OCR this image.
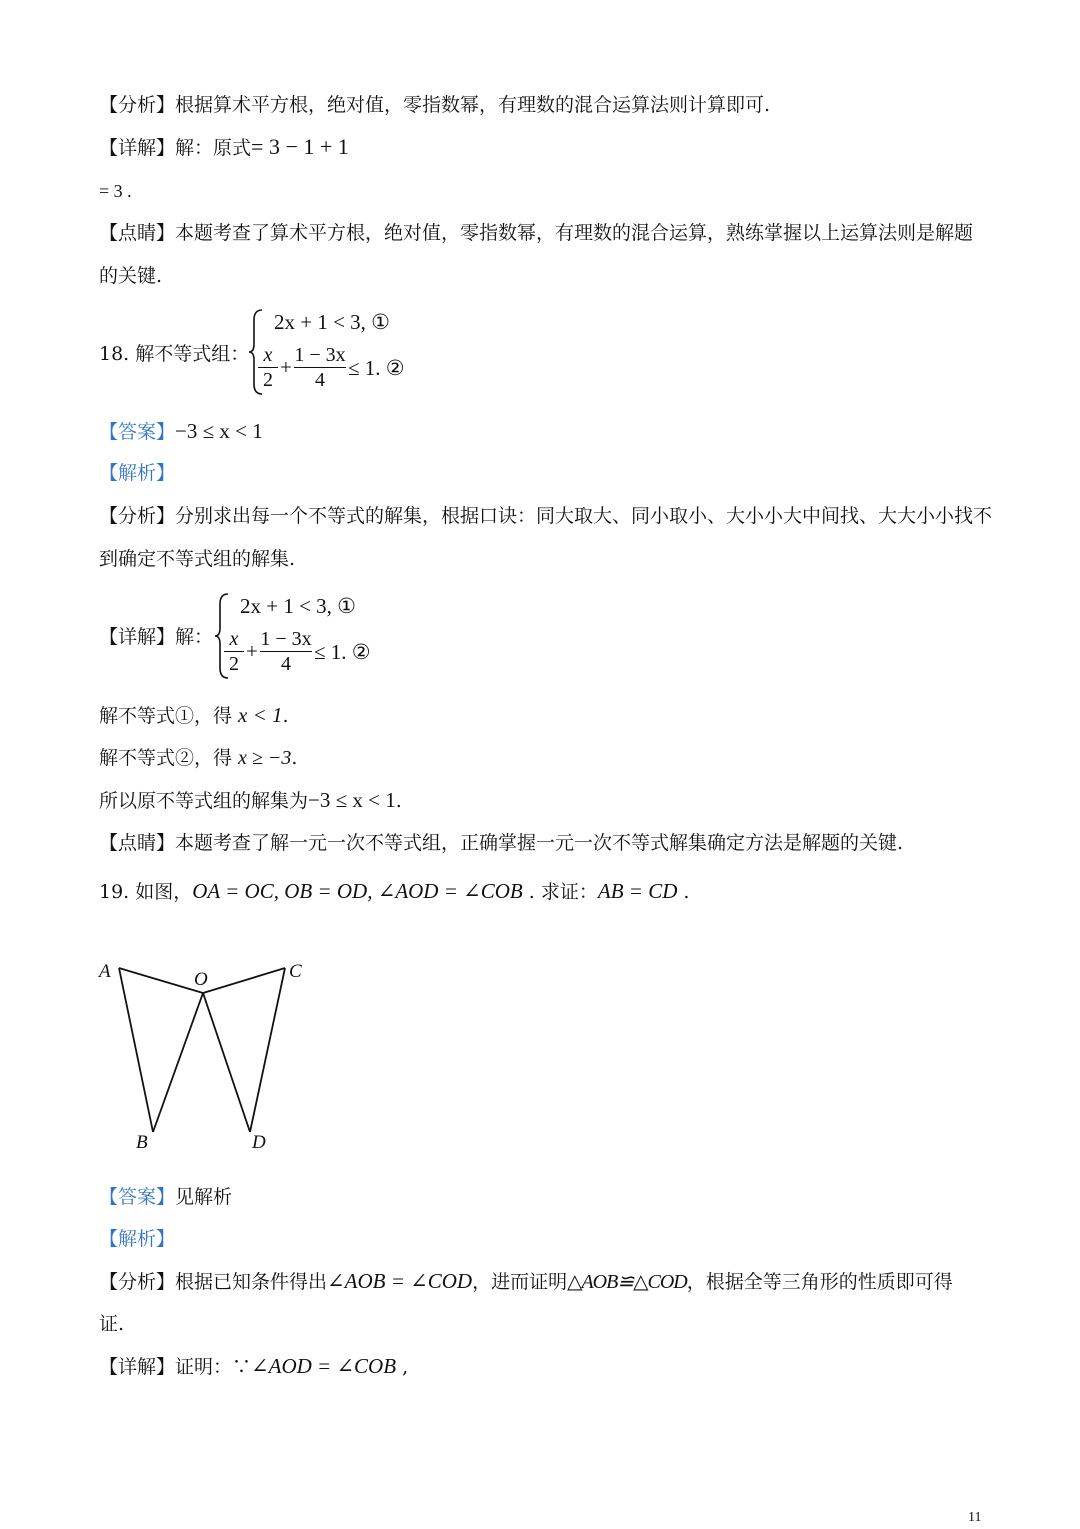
【分析】根据算术平方根，绝对值，零指数幂，有理数的混合运算法则计算即可.
【详解】解：原式= 3 − 1 + 1
= 3 .
【点睛】本题考查了算术平方根，绝对值，零指数幂，有理数的混合运算，熟练掌握以上运算法则是解题
的关键.
18. 解不等式组：
2x + 1 < 3, ①
x
2
+ 1 − 3x
4	≤ 1. ②
【答案】−3 ≤ x < 1
【解析】
【分析】分别求出每一个不等式的解集，根据口诀：同大取大、同小取小、大小小大中间找、大大小小找不
到确定不等式组的解集.
【详解】解：
2x + 1 < 3, ①
x
2
+ 1 − 3x
4	≤ 1. ②
解不等式①，得 x < 1.
解不等式②，得 x ≥ −3.
所以原不等式组的解集为−3 ≤ x < 1.
【点睛】本题考查了解一元一次不等式组，正确掌握一元一次不等式解集确定方法是解题的关键.
19. 如图，OA = OC, OB = OD, ∠AOD = ∠COB . 求证：AB = CD .
A	O	C
B	D
【答案】见解析
【解析】
【分析】根据已知条件得出∠AOB = ∠COD，进而证明△AOB≌△COD，根据全等三角形的性质即可得
证.
【详解】证明：∵∠AOD = ∠COB ,
11
